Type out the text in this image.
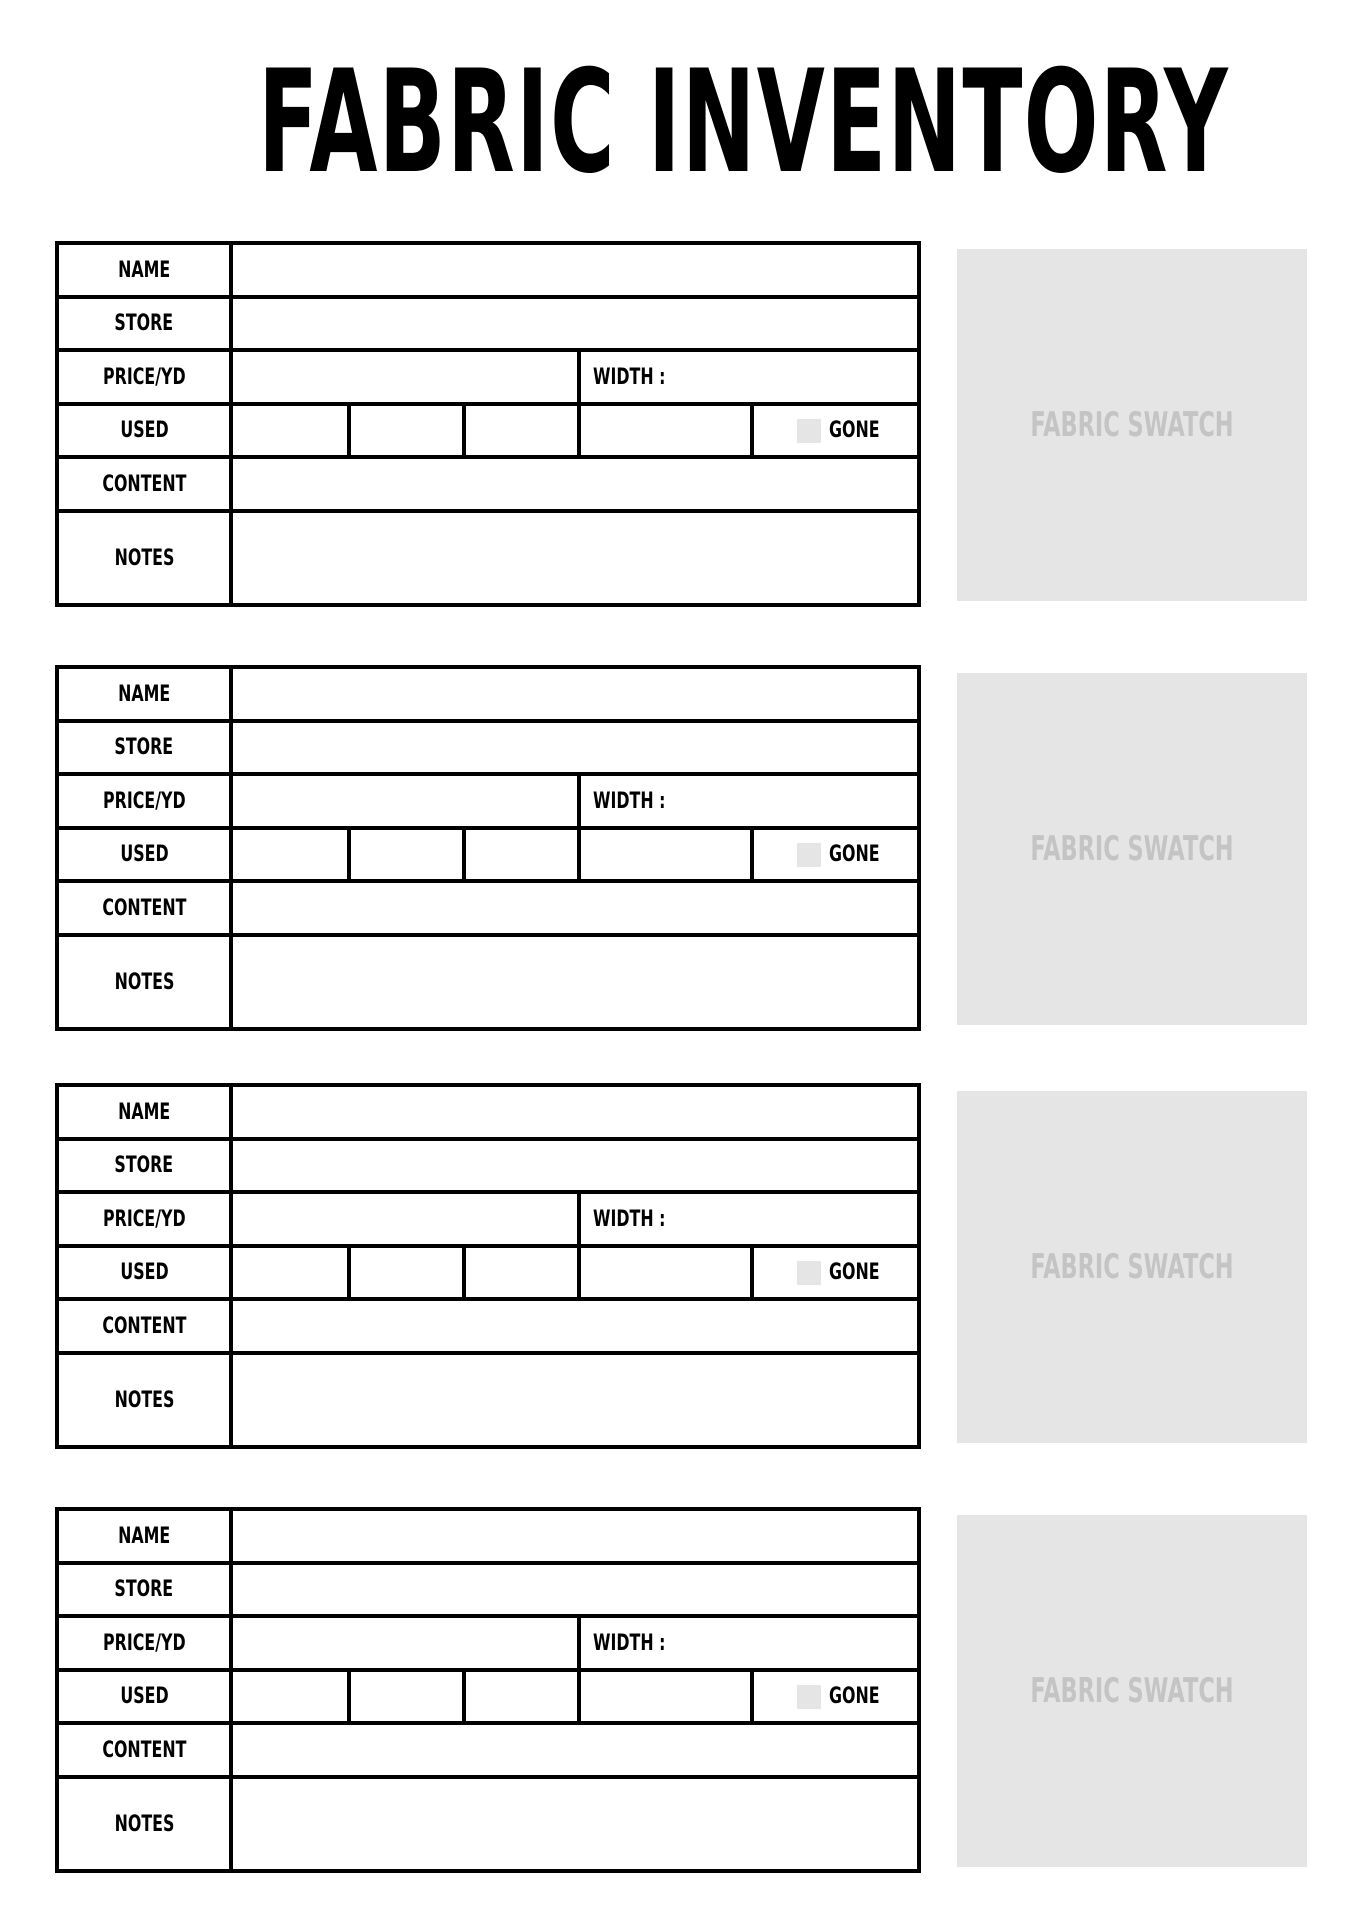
FABRIC INVENTORY
NAME
STORE
PRICE/YD	WIDTH :
USED	GONE
CONTENT
NOTES
FABRIC SWATCH
NAME
STORE
PRICE/YD	WIDTH :
USED	GONE
CONTENT
NOTES
FABRIC SWATCH
NAME
STORE
PRICE/YD	WIDTH :
USED	GONE
CONTENT
NOTES
FABRIC SWATCH
NAME
STORE
PRICE/YD	WIDTH :
USED	GONE
CONTENT
NOTES
FABRIC SWATCH
